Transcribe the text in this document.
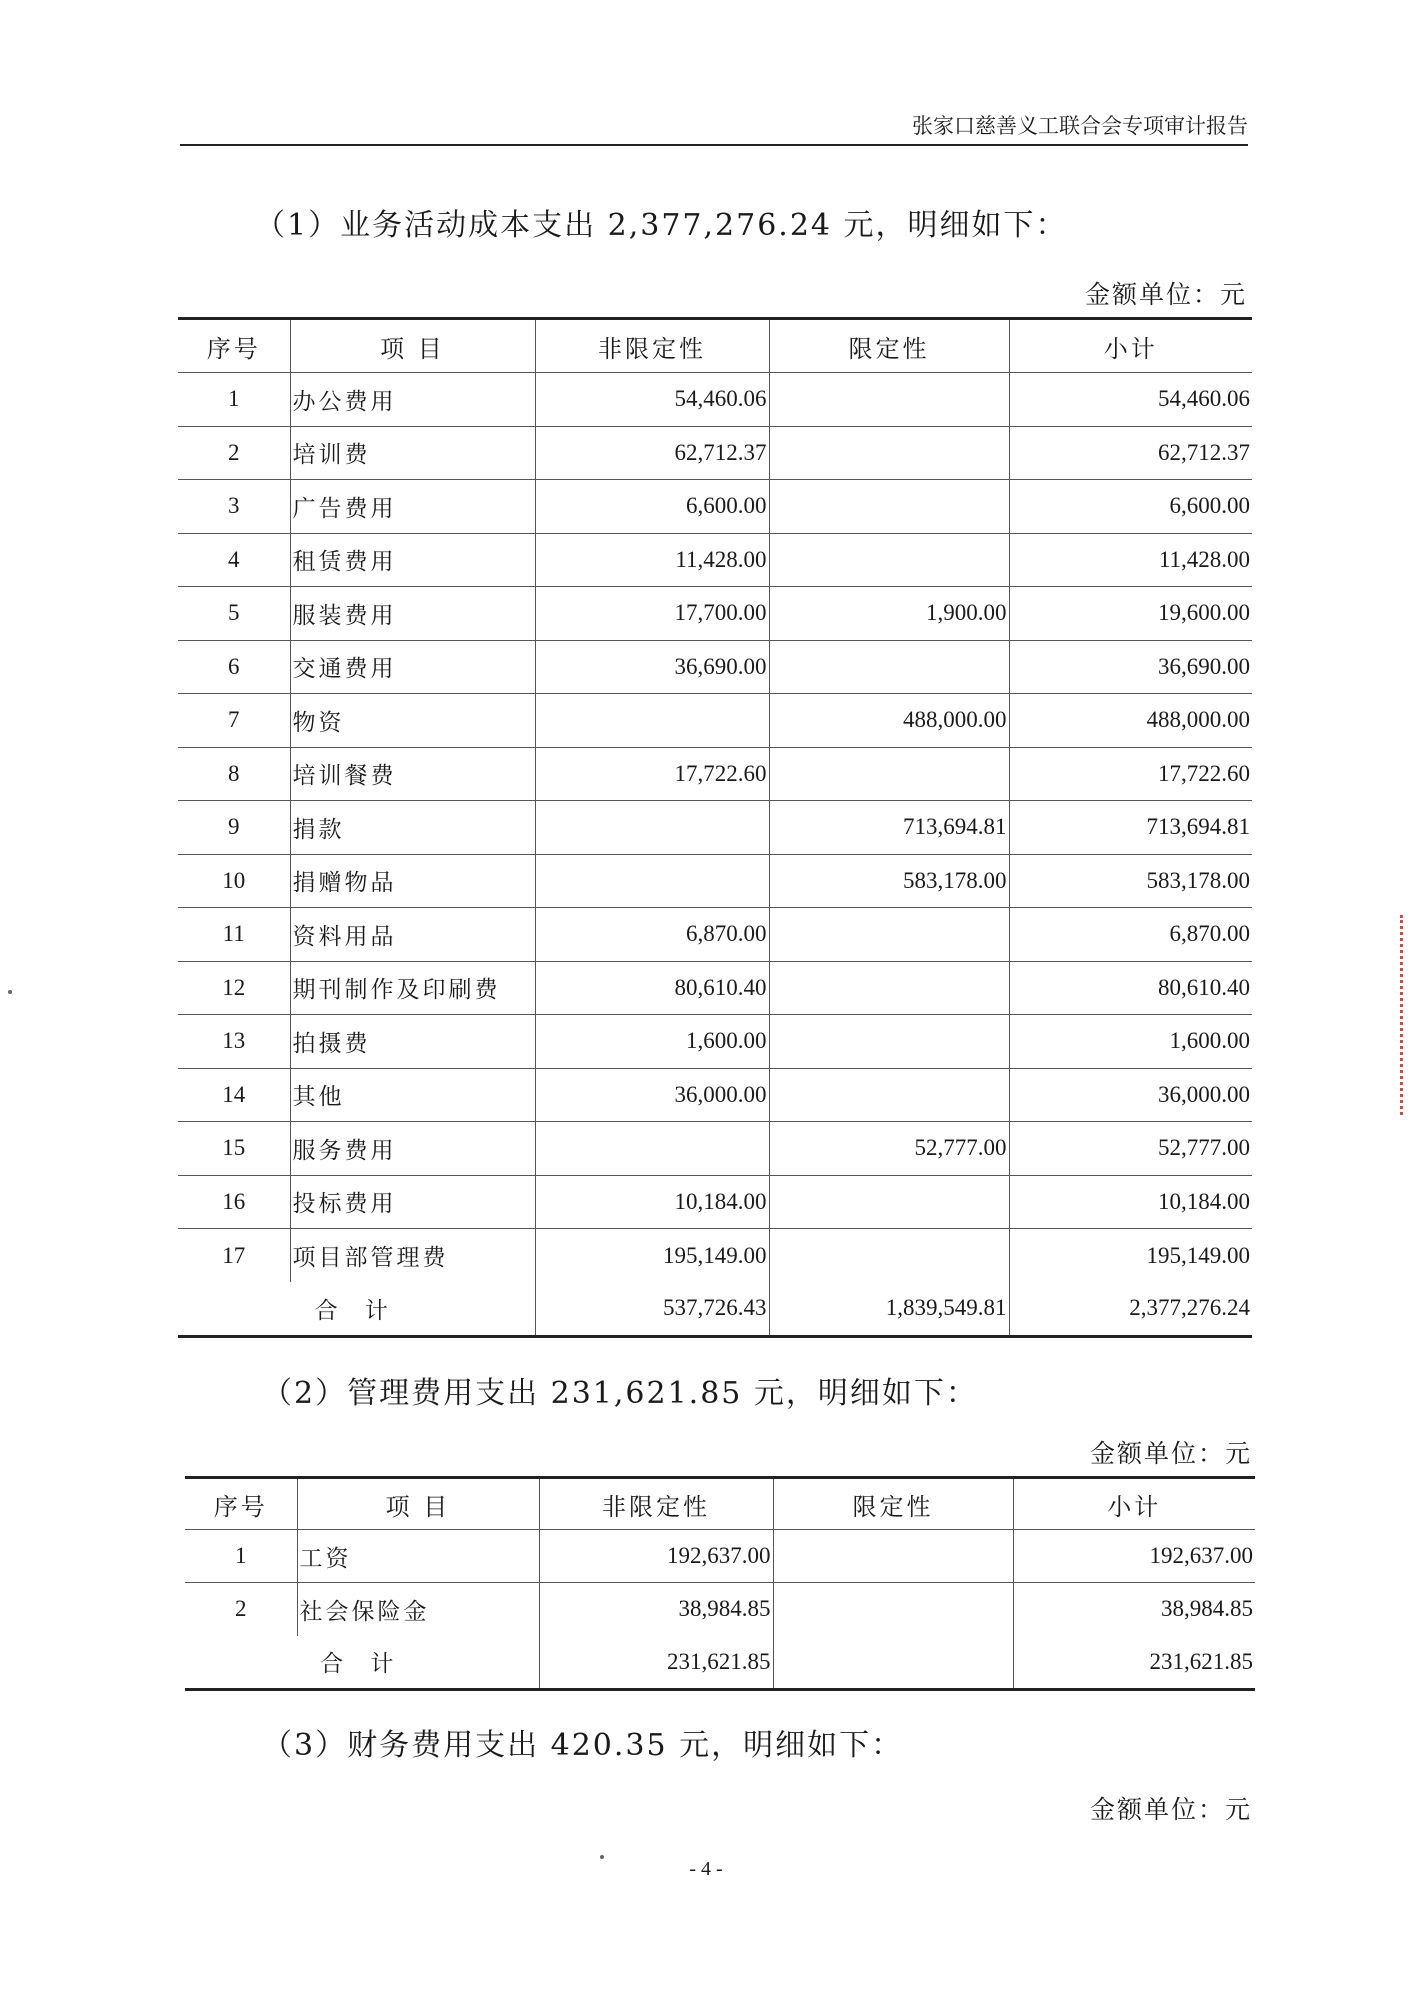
张家口慈善义工联合会专项审计报告
（1）业务活动成本支出 2,377,276.24 元，明细如下：
金额单位：元
序号	项 目	非限定性	限定性	小计
1	办公费用	54,460.06		54,460.06
2	培训费	62,712.37		62,712.37
3	广告费用	6,600.00		6,600.00
4	租赁费用	11,428.00		11,428.00
5	服装费用	17,700.00	1,900.00	19,600.00
6	交通费用	36,690.00		36,690.00
7	物资		488,000.00	488,000.00
8	培训餐费	17,722.60		17,722.60
9	捐款		713,694.81	713,694.81
10	捐赠物品		583,178.00	583,178.00
11	资料用品	6,870.00		6,870.00
12	期刊制作及印刷费	80,610.40		80,610.40
13	拍摄费	1,600.00		1,600.00
14	其他	36,000.00		36,000.00
15	服务费用		52,777.00	52,777.00
16	投标费用	10,184.00		10,184.00
17	项目部管理费	195,149.00		195,149.00
合 计		537,726.43	1,839,549.81	2,377,276.24
（2）管理费用支出 231,621.85 元，明细如下：
金额单位：元
序号	项 目	非限定性	限定性	小计
1	工资	192,637.00		192,637.00
2	社会保险金	38,984.85		38,984.85
合 计		231,621.85		231,621.85
（3）财务费用支出 420.35 元，明细如下：
金额单位：元
- 4 -
